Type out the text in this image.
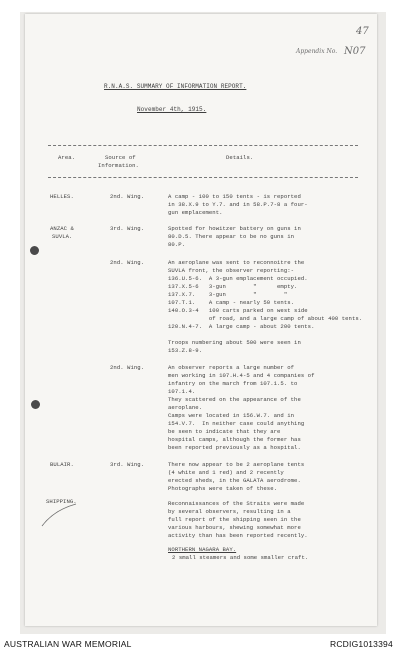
47
Appendix No. N07
R.N.A.S. SUMMARY OF INFORMATION REPORT.
November 4th, 1915.
Area.	Source of
Information.
Details.
HELLES.	2nd. Wing.	A camp - 100 to 150 tents - is reported
in 38.X.9 to Y.7. and in 58.P.7-8 a four-
gun emplacement.
ANZAC &
SUVLA.
3rd. Wing.	Spotted for howitzer battery on guns in
80.D.5. There appear to be no guns in
80.P.
2nd. Wing.	An aeroplane was sent to reconnoitre the
SUVLA front, the observer reporting:-
136.U.5-6.  A 3-gun emplacement occupied.
137.X.5-6   3-gun        "      empty.
137.X.7.    3-gun        "        "
107.T.1.    A camp - nearly 50 tents.
140.O.3-4   100 carts parked on west side
of road, and a large camp of about 400 tents.
120.N.4-7.  A large camp - about 200 tents.
Troops numbering about 500 were seen in
153.Z.8-9.
2nd. Wing.	An observer reports a large number of
men working in 107.H.4-5 and 4 companies of
infantry on the march from 107.1.5. to
107.1.4.
They scattered on the appearance of the
aeroplane.
Camps were located in 156.W.7. and in
154.V.7.  In neither case could anything
be seen to indicate that they are
hospital camps, although the former has
been reported previously as a hospital.
BULAIR.	3rd. Wing.	There now appear to be 2 aeroplane tents
(4 white and 1 red) and 2 recently
erected sheds, in the GALATA aerodrome.
Photographs were taken of these.
SHIPPING.	Reconnaissances of the Straits were made
by several observers, resulting in a
full report of the shipping seen in the
various harbours, shewing somewhat more
activity than has been reported recently.
NORTHERN NAGARA BAY.
2 small steamers and some smaller craft.
AUSTRALIAN WAR MEMORIAL	RCDIG1013394
